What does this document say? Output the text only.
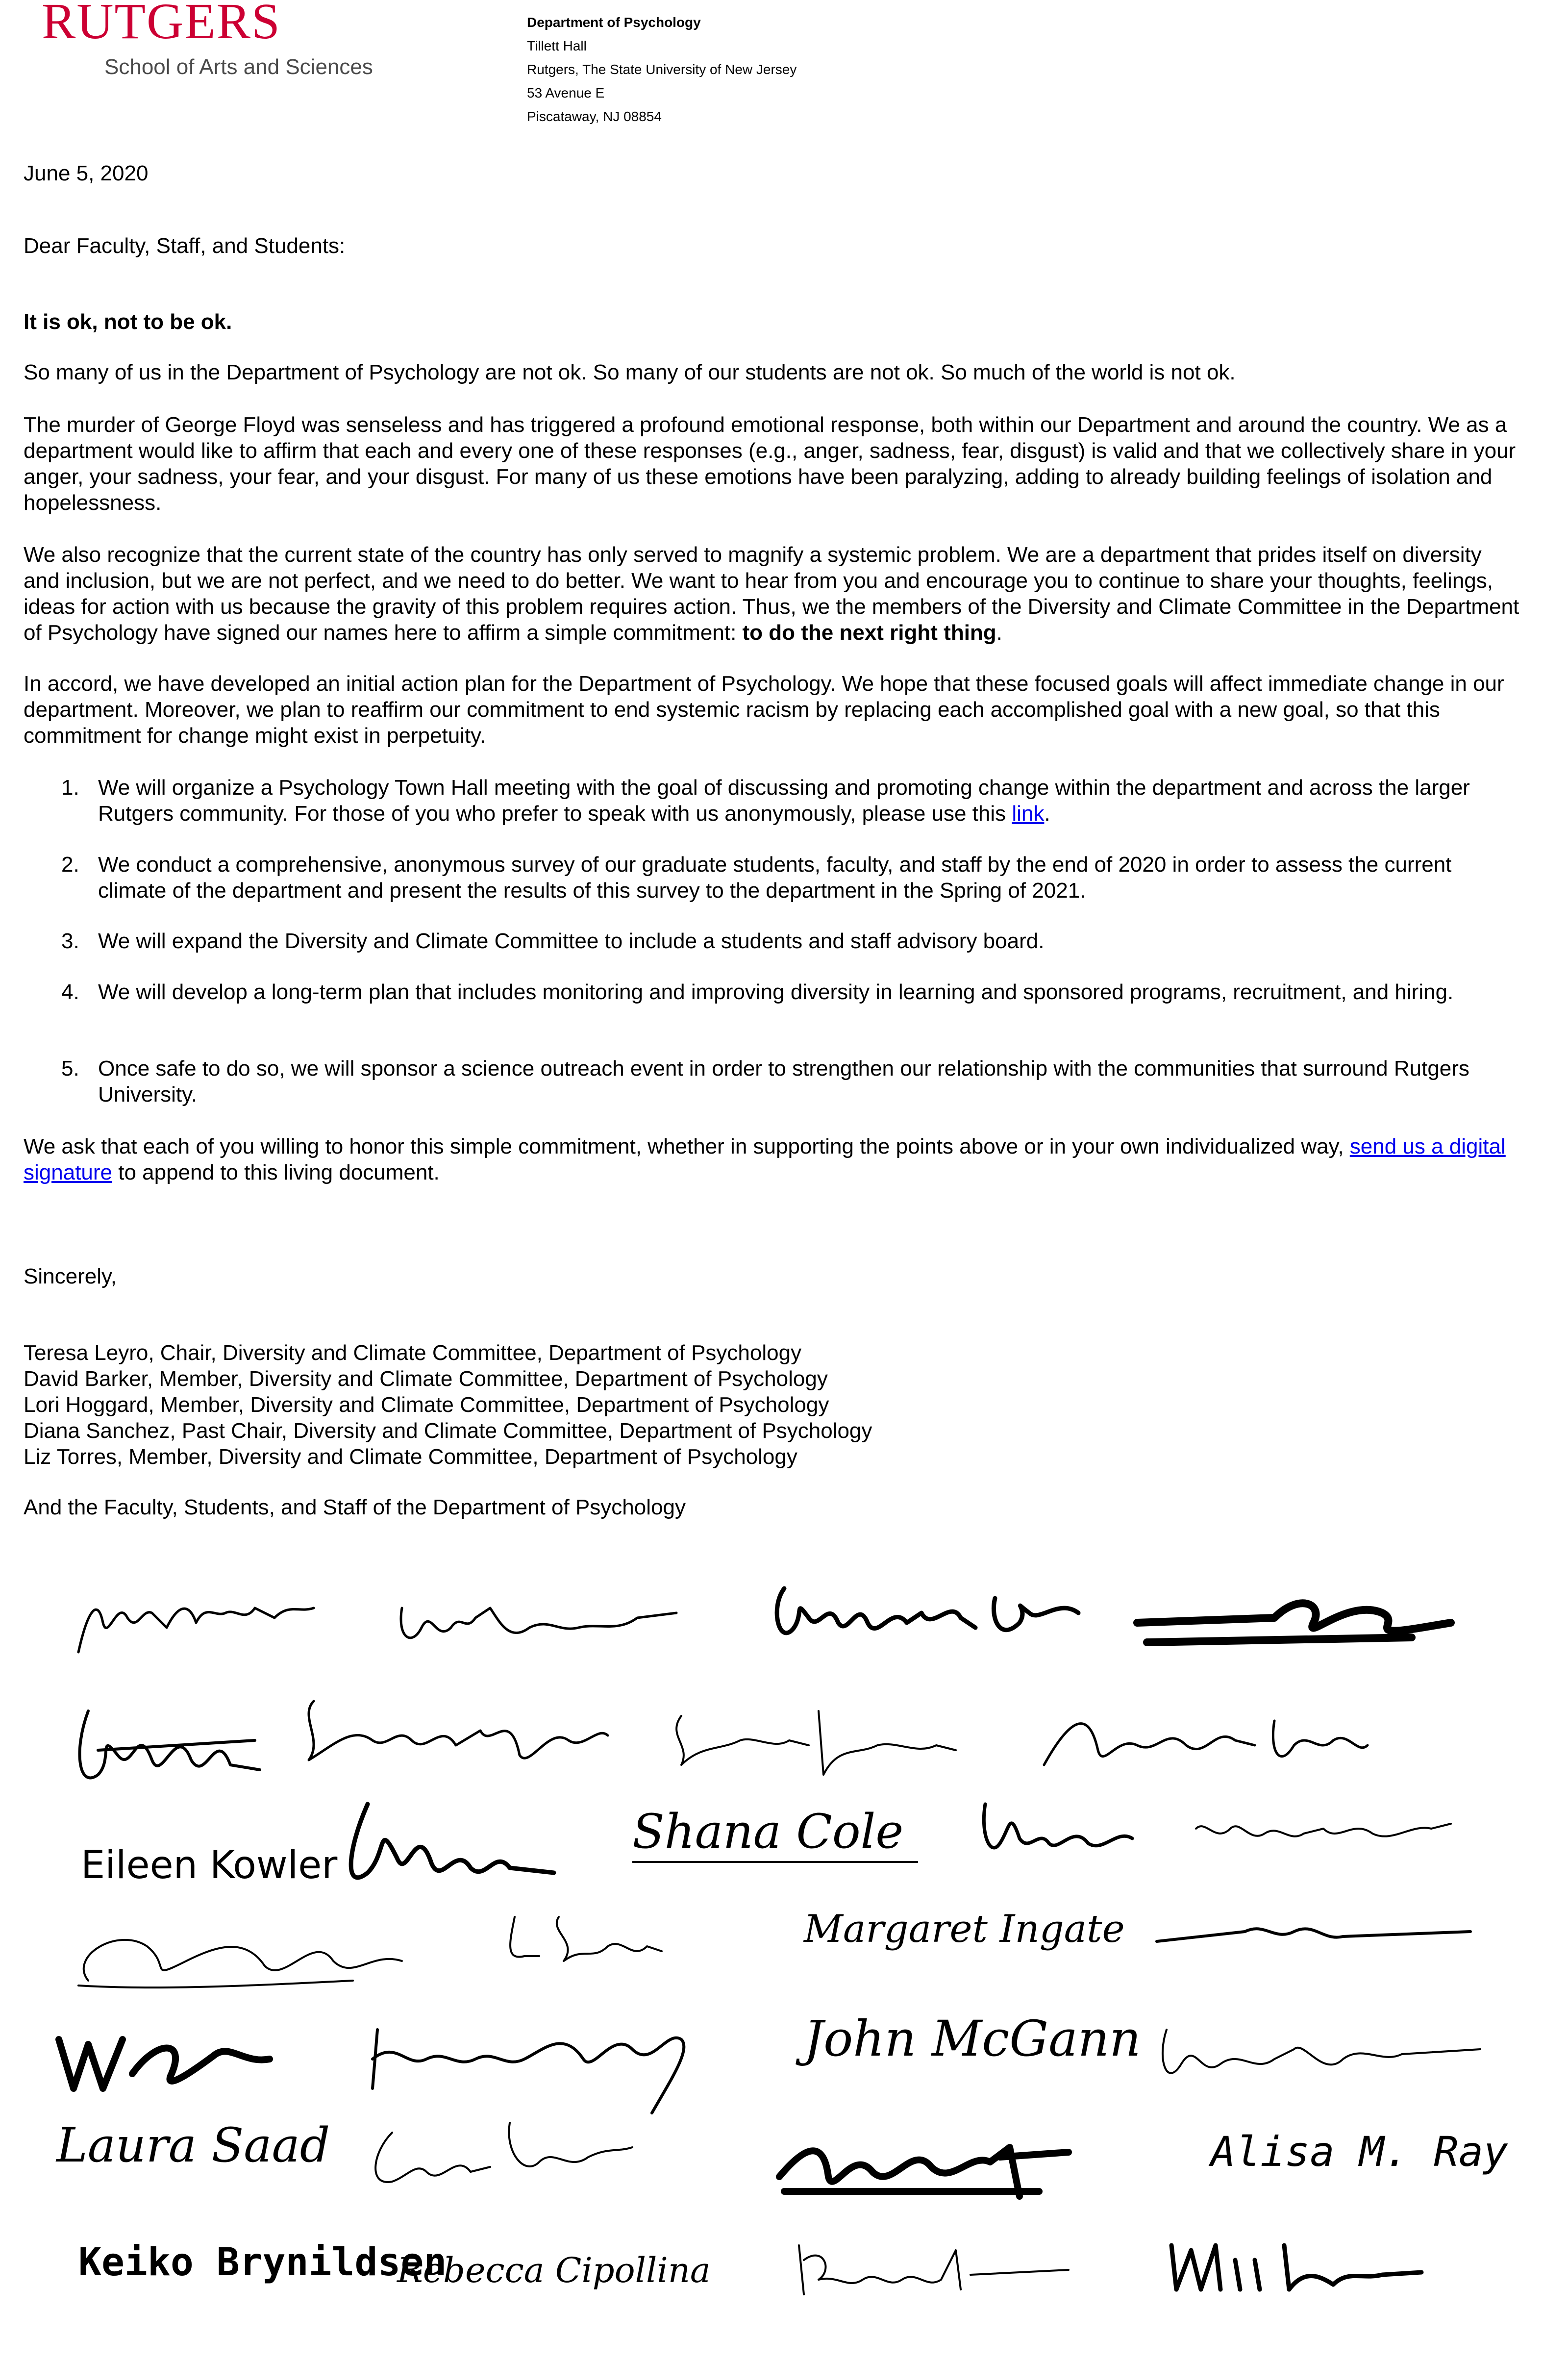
RUTGERS
School of Arts and Sciences
Department of Psychology
Tillett Hall
Rutgers, The State University of New Jersey
53 Avenue E
Piscataway, NJ 08854
June 5, 2020
Dear Faculty, Staff, and Students:
It is ok, not to be ok.
So many of us in the Department of Psychology are not ok. So many of our students are not ok. So much of the world is not ok.
The murder of George Floyd was senseless and has triggered a profound emotional response, both within our Department and around the country. We as a department would like to affirm that each and every one of these responses (e.g., anger, sadness, fear, disgust) is valid and that we collectively share in your anger, your sadness, your fear, and your disgust. For many of us these emotions have been paralyzing, adding to already building feelings of isolation and hopelessness.
We also recognize that the current state of the country has only served to magnify a systemic problem. We are a department that prides itself on diversity and inclusion, but we are not perfect, and we need to do better. We want to hear from you and encourage you to continue to share your thoughts, feelings, ideas for action with us because the gravity of this problem requires action. Thus, we the members of the Diversity and Climate Committee in the Department of Psychology have signed our names here to affirm a simple commitment: to do the next right thing.
In accord, we have developed an initial action plan for the Department of Psychology. We hope that these focused goals will affect immediate change in our department. Moreover, we plan to reaffirm our commitment to end systemic racism by replacing each accomplished goal with a new goal, so that this commitment for change might exist in perpetuity.
1. We will organize a Psychology Town Hall meeting with the goal of discussing and promoting change within the department and across the larger Rutgers community. For those of you who prefer to speak with us anonymously, please use this link.
2. We conduct a comprehensive, anonymous survey of our graduate students, faculty, and staff by the end of 2020 in order to assess the current climate of the department and present the results of this survey to the department in the Spring of 2021.
3. We will expand the Diversity and Climate Committee to include a students and staff advisory board.
4. We will develop a long-term plan that includes monitoring and improving diversity in learning and sponsored programs, recruitment, and hiring.
5. Once safe to do so, we will sponsor a science outreach event in order to strengthen our relationship with the communities that surround Rutgers University.
We ask that each of you willing to honor this simple commitment, whether in supporting the points above or in your own individualized way, send us a digital signature to append to this living document.
Sincerely,
Teresa Leyro, Chair, Diversity and Climate Committee, Department of Psychology
David Barker, Member, Diversity and Climate Committee, Department of Psychology
Lori Hoggard, Member, Diversity and Climate Committee, Department of Psychology
Diana Sanchez, Past Chair, Diversity and Climate Committee, Department of Psychology
Liz Torres, Member, Diversity and Climate Committee, Department of Psychology
And the Faculty, Students, and Staff of the Department of Psychology
Eileen Kowler
Shana Cole
Margaret Ingate
John McGann
Laura Saad	Alisa M. Ray
Keiko Brynіldsen
Rebecca Cipollina
